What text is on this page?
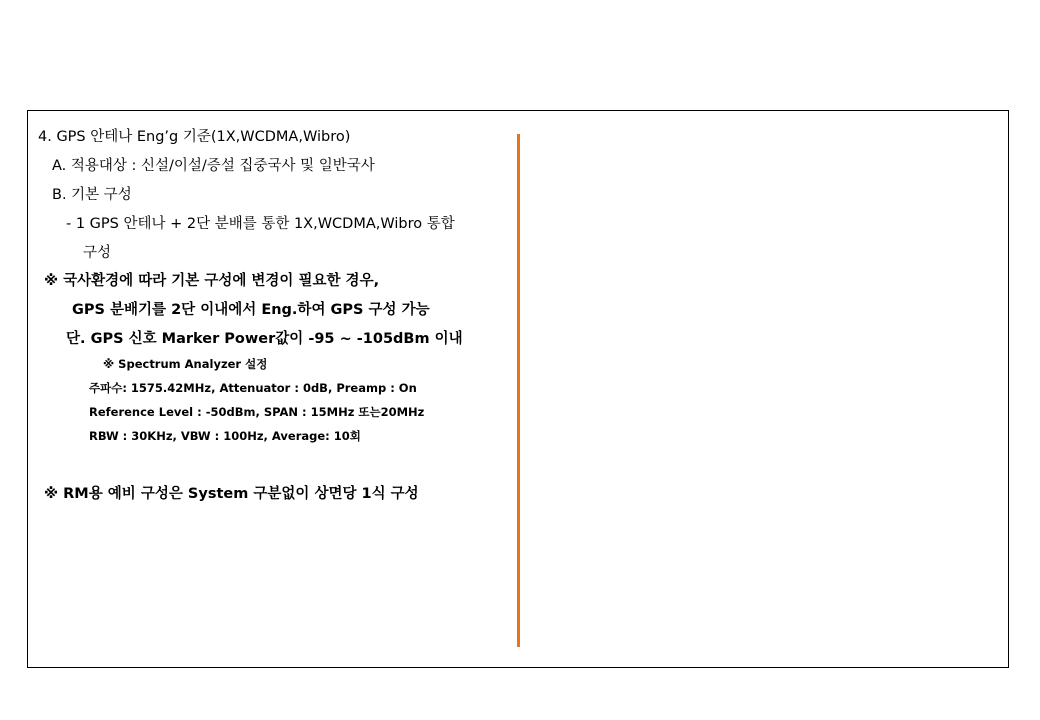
4. GPS 안테나 Eng’g 기준(1X,WCDMA,Wibro)
A. 적용대상 : 신설/이설/증설 집중국사 및 일반국사
B. 기본 구성
- 1 GPS 안테나 + 2단 분배를 통한 1X,WCDMA,Wibro 통합
구성
※ 국사환경에 따라 기본 구성에 변경이 필요한 경우,
GPS 분배기를 2단 이내에서 Eng.하여 GPS 구성 가능
단. GPS 신호 Marker Power값이 -95 ~ -105dBm 이내
※ Spectrum Analyzer 설정
주파수: 1575.42MHz, Attenuator : 0dB, Preamp : On
Reference Level : -50dBm, SPAN : 15MHz 또는20MHz
RBW : 30KHz, VBW : 100Hz, Average: 10회
※ RM용 예비 구성은 System 구분없이 상면당 1식 구성
